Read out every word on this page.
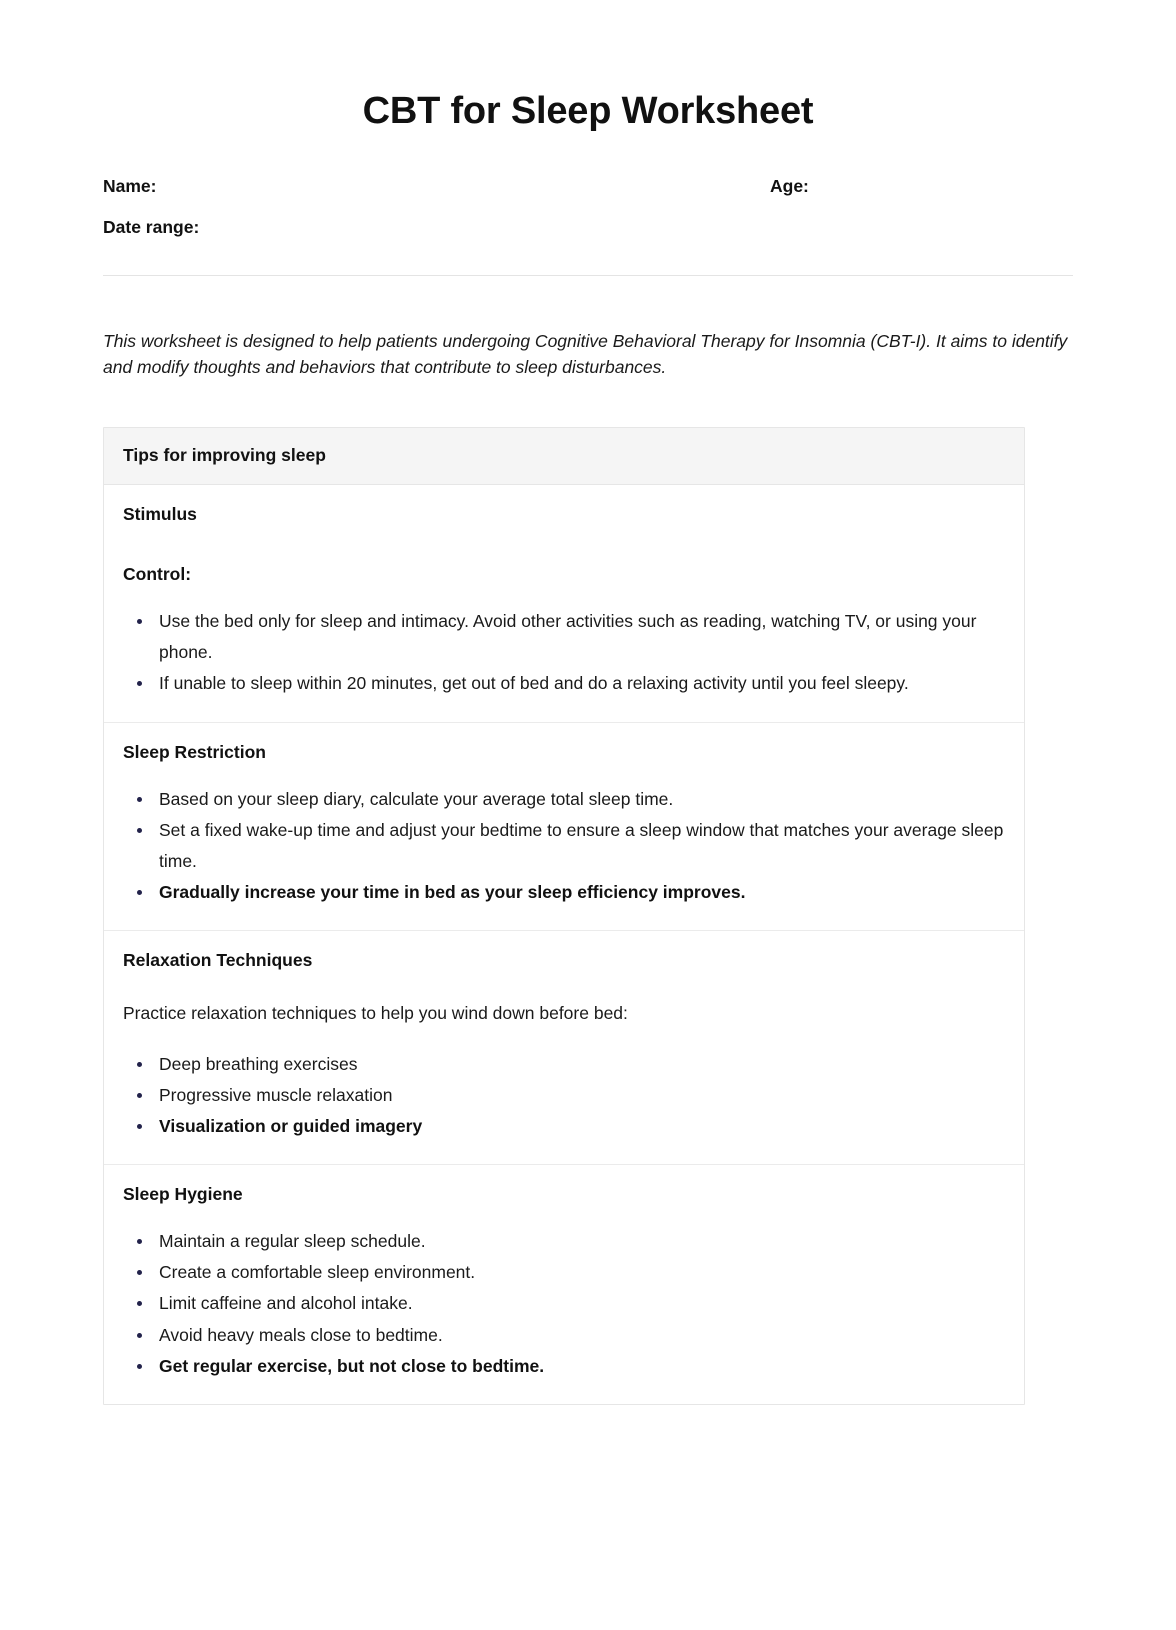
CBT for Sleep Worksheet
Name:	Age:
Date range:

This worksheet is designed to help patients undergoing Cognitive Behavioral Therapy for Insomnia (CBT-I). It aims to identify and modify thoughts and behaviors that contribute to sleep disturbances.

Tips for improving sleep
Stimulus
Control:
Use the bed only for sleep and intimacy. Avoid other activities such as reading, watching TV, or using your phone.
If unable to sleep within 20 minutes, get out of bed and do a relaxing activity until you feel sleepy.
Sleep Restriction
Based on your sleep diary, calculate your average total sleep time.
Set a fixed wake-up time and adjust your bedtime to ensure a sleep window that matches your average sleep time.
Gradually increase your time in bed as your sleep efficiency improves.
Relaxation Techniques
Practice relaxation techniques to help you wind down before bed:
Deep breathing exercises
Progressive muscle relaxation
Visualization or guided imagery
Sleep Hygiene
Maintain a regular sleep schedule.
Create a comfortable sleep environment.
Limit caffeine and alcohol intake.
Avoid heavy meals close to bedtime.
Get regular exercise, but not close to bedtime.
